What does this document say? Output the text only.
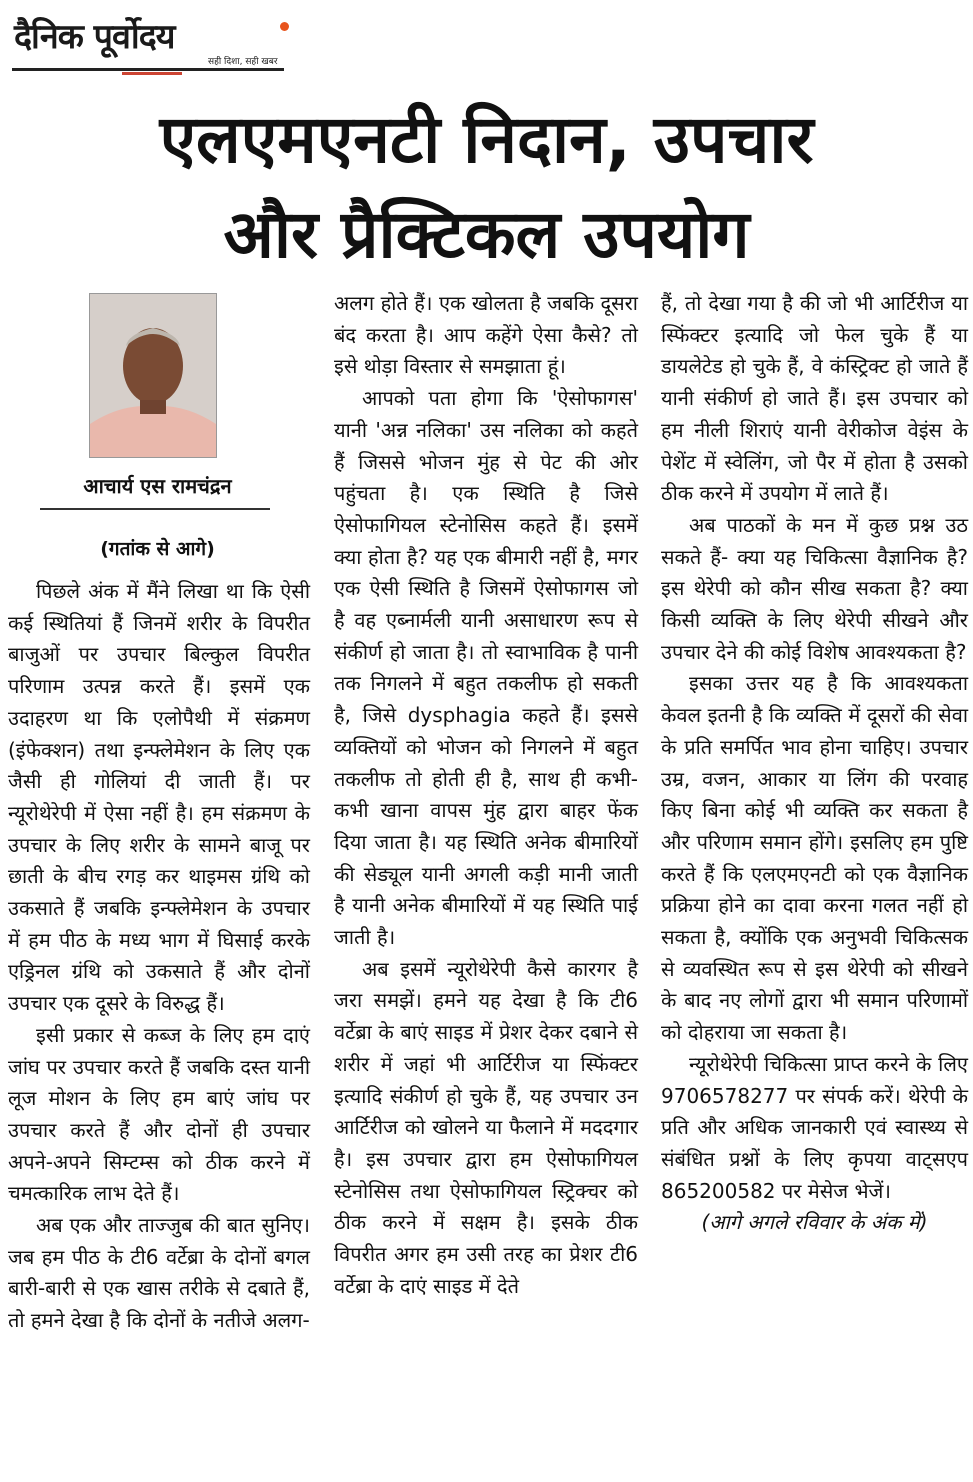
दैनिक पूर्वोदय
सही दिशा, सही खबर
एलएमएनटी निदान, उपचार
और प्रैक्टिकल उपयोग
आचार्य एस रामचंद्रन
(गतांक से आगे)

पिछले अंक में मैंने लिखा था कि ऐसी कई स्थितियां हैं जिनमें शरीर के विपरीत बाजुओं पर उपचार बिल्कुल विपरीत परिणाम उत्पन्न करते हैं। इसमें एक उदाहरण था कि एलोपैथी में संक्रमण (इंफेक्शन) तथा इन्फ्लेमेशन के लिए एक जैसी ही गोलियां दी जाती हैं। पर न्यूरोथेरेपी में ऐसा नहीं है। हम संक्रमण के उपचार के लिए शरीर के सामने बाजू पर छाती के बीच रगड़ कर थाइमस ग्रंथि को उकसाते हैं जबकि इन्फ्लेमेशन के उपचार में हम पीठ के मध्य भाग में घिसाई करके एड्रिनल ग्रंथि को उकसाते हैं और दोनों उपचार एक दूसरे के विरुद्ध हैं।

इसी प्रकार से कब्ज के लिए हम दाएं जांघ पर उपचार करते हैं जबकि दस्त यानी लूज मोशन के लिए हम बाएं जांघ पर उपचार करते हैं और दोनों ही उपचार अपने-अपने सिम्टम्स को ठीक करने में चमत्कारिक लाभ देते हैं।

अब एक और ताज्जुब की बात सुनिए। जब हम पीठ के टी6 वर्टेब्रा के दोनों बगल बारी-बारी से एक खास तरीके से दबाते हैं, तो हमने देखा है कि दोनों के नतीजे अलग-

अलग होते हैं। एक खोलता है जबकि दूसरा बंद करता है। आप कहेंगे ऐसा कैसे? तो इसे थोड़ा विस्तार से समझाता हूं।

आपको पता होगा कि 'ऐसोफागस' यानी 'अन्न नलिका' उस नलिका को कहते हैं जिससे भोजन मुंह से पेट की ओर पहुंचता है। एक स्थिति है जिसे ऐसोफागियल स्टेनोसिस कहते हैं। इसमें क्या होता है? यह एक बीमारी नहीं है, मगर एक ऐसी स्थिति है जिसमें ऐसोफागस जो है वह एब्नार्मली यानी असाधारण रूप से संकीर्ण हो जाता है। तो स्वाभाविक है पानी तक निगलने में बहुत तकलीफ हो सकती है, जिसे dysphagia कहते हैं। इससे व्यक्तियों को भोजन को निगलने में बहुत तकलीफ तो होती ही है, साथ ही कभी-कभी खाना वापस मुंह द्वारा बाहर फेंक दिया जाता है। यह स्थिति अनेक बीमारियों की सेड्यूल यानी अगली कड़ी मानी जाती है यानी अनेक बीमारियों में यह स्थिति पाई जाती है।

अब इसमें न्यूरोथेरेपी कैसे कारगर है जरा समझें। हमने यह देखा है कि टी6 वर्टेब्रा के बाएं साइड में प्रेशर देकर दबाने से शरीर में जहां भी आर्टिरीज या स्फिंक्टर इत्यादि संकीर्ण हो चुके हैं, यह उपचार उन आर्टिरीज को खोलने या फैलाने में मददगार है। इस उपचार द्वारा हम ऐसोफागियल स्टेनोसिस तथा ऐसोफागियल स्ट्रिक्चर को ठीक करने में सक्षम है। इसके ठीक विपरीत अगर हम उसी तरह का प्रेशर टी6 वर्टेब्रा के दाएं साइड में देते

हैं, तो देखा गया है की जो भी आर्टिरीज या स्फिंक्टर इत्यादि जो फेल चुके हैं या डायलेटेड हो चुके हैं, वे कंस्ट्रिक्ट हो जाते हैं यानी संकीर्ण हो जाते हैं। इस उपचार को हम नीली शिराएं यानी वेरीकोज वेइंस के पेशेंट में स्वेलिंग, जो पैर में होता है उसको ठीक करने में उपयोग में लाते हैं।

अब पाठकों के मन में कुछ प्रश्न उठ सकते हैं- क्या यह चिकित्सा वैज्ञानिक है? इस थेरेपी को कौन सीख सकता है? क्या किसी व्यक्ति के लिए थेरेपी सीखने और उपचार देने की कोई विशेष आवश्यकता है?

इसका उत्तर यह है कि आवश्यकता केवल इतनी है कि व्यक्ति में दूसरों की सेवा के प्रति समर्पित भाव होना चाहिए। उपचार उम्र, वजन, आकार या लिंग की परवाह किए बिना कोई भी व्यक्ति कर सकता है और परिणाम समान होंगे। इसलिए हम पुष्टि करते हैं कि एलएमएनटी को एक वैज्ञानिक प्रक्रिया होने का दावा करना गलत नहीं हो सकता है, क्योंकि एक अनुभवी चिकित्सक से व्यवस्थित रूप से इस थेरेपी को सीखने के बाद नए लोगों द्वारा भी समान परिणामों को दोहराया जा सकता है।

न्यूरोथेरेपी चिकित्सा प्राप्त करने के लिए 9706578277 पर संपर्क करें। थेरेपी के प्रति और अधिक जानकारी एवं स्वास्थ्य से संबंधित प्रश्नों के लिए कृपया वाट्सएप 865200582 पर मेसेज भेजें।

(आगे अगले रविवार के अंक में)
